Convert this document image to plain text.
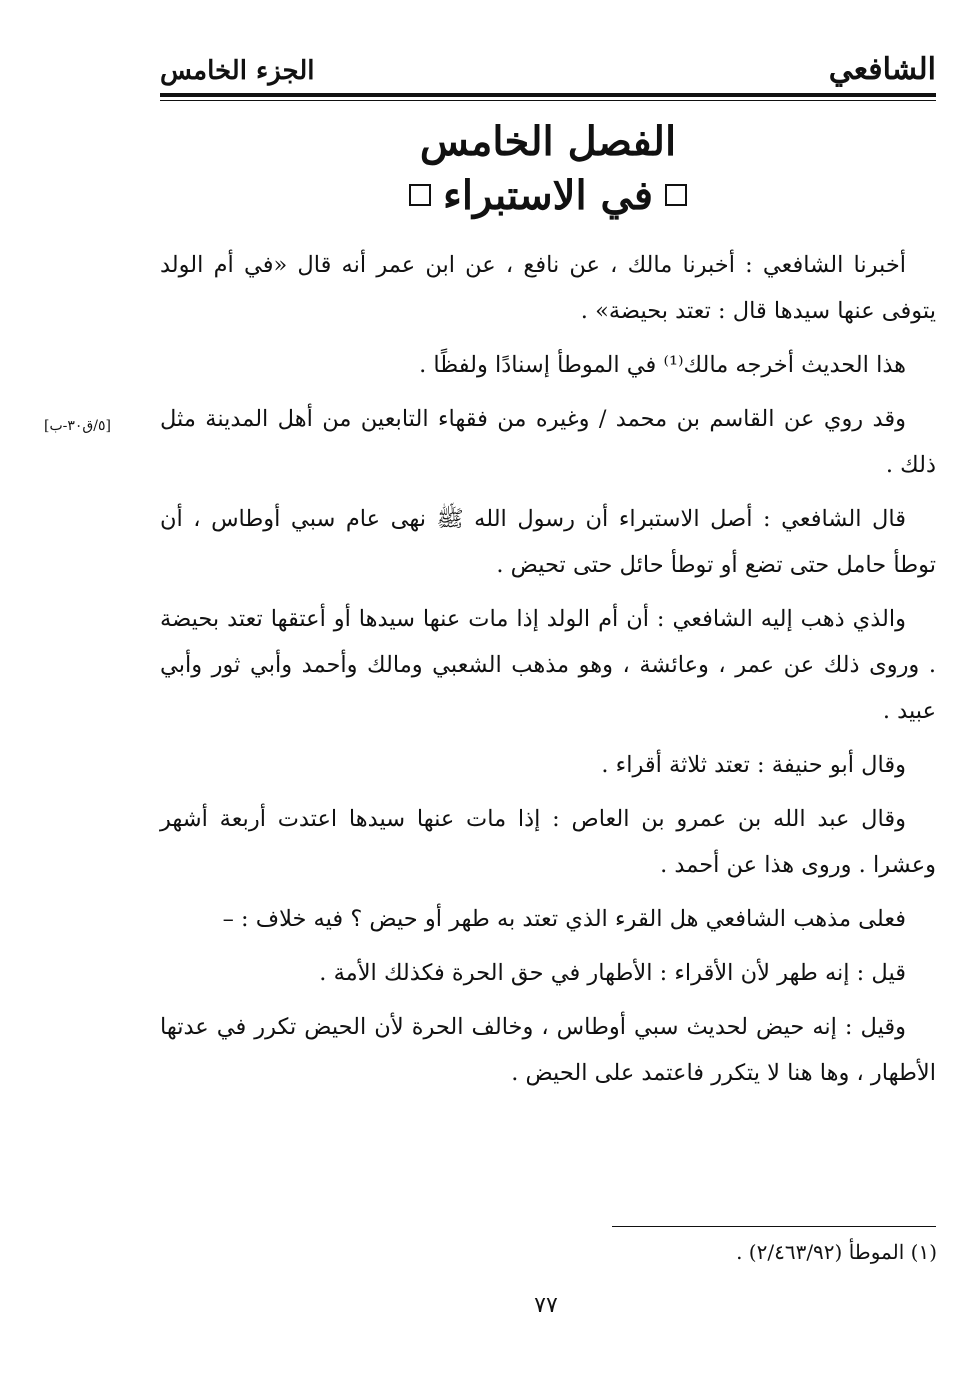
الشافعي
الجزء الخامس
الفصل الخامس
في الاستبراء

أخبرنا الشافعي : أخبرنا مالك ، عن نافع ، عن ابن عمر أنه قال «في أم الولد يتوفى عنها سيدها قال : تعتد بحيضة» .

هذا الحديث أخرجه مالك⁽¹⁾ في الموطأ إسنادًا ولفظًا .

وقد روي عن القاسم بن محمد / وغيره من فقهاء التابعين من أهل المدينة مثل ذلك .

قال الشافعي : أصل الاستبراء أن رسول الله ﷺ نهى عام سبي أوطاس ، أن توطأ حامل حتى تضع أو توطأ حائل حتى تحيض .

والذي ذهب إليه الشافعي : أن أم الولد إذا مات عنها سيدها أو أعتقها تعتد بحيضة . وروى ذلك عن عمر ، وعائشة ، وهو مذهب الشعبي ومالك وأحمد وأبي ثور وأبي عبيد .

وقال أبو حنيفة : تعتد ثلاثة أقراء .

وقال عبد الله بن عمرو بن العاص : إذا مات عنها سيدها اعتدت أربعة أشهر وعشرا . وروى هذا عن أحمد .

فعلى مذهب الشافعي هل القرء الذي تعتد به طهر أو حيض ؟ فيه خلاف : –

قيل : إنه طهر لأن الأقراء : الأطهار في حق الحرة فكذلك الأمة .

وقيل : إنه حيض لحديث سبي أوطاس ، وخالف الحرة لأن الحيض تكرر في عدتها الأطهار ، وها هنا لا يتكرر فاعتمد على الحيض .

[٥/ق٣٠-ب]
(١) الموطأ (٢/٤٦٣/٩٢) .
٧٧
